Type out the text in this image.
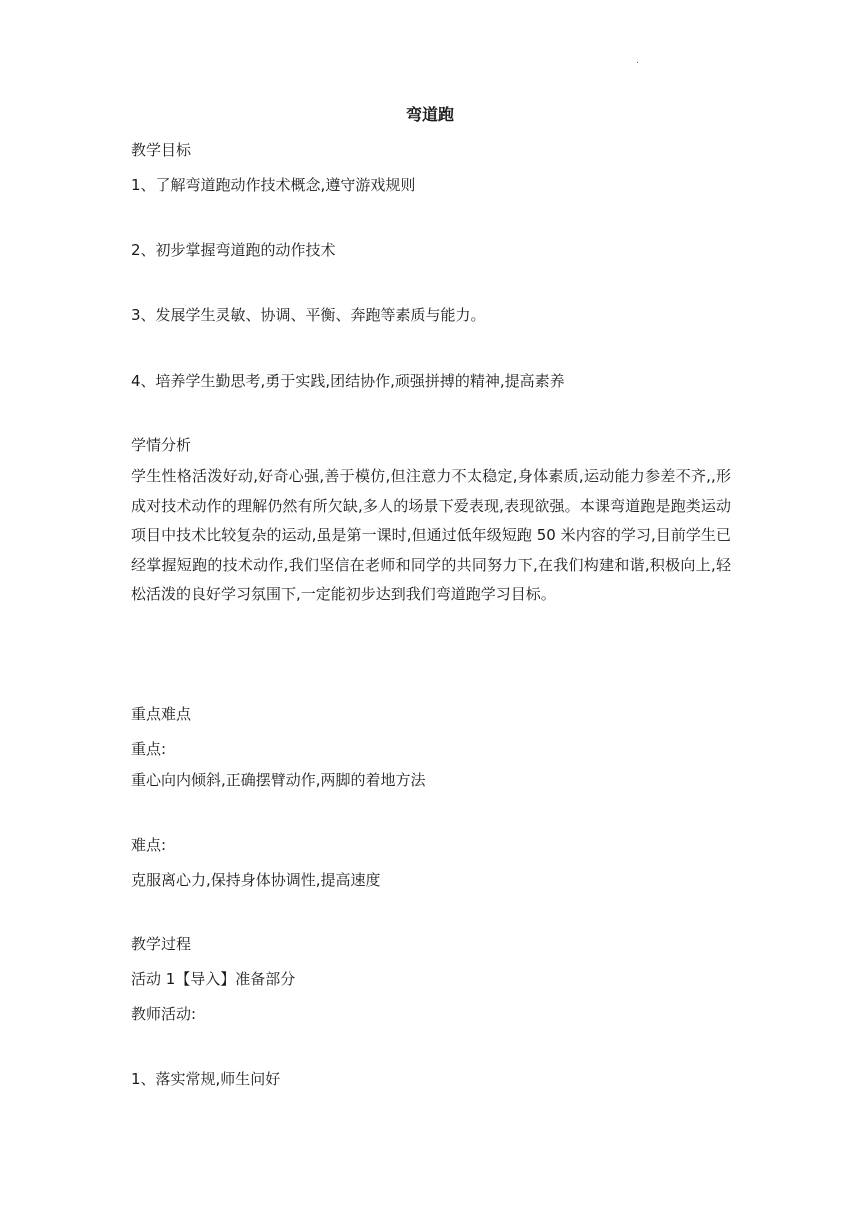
.
弯道跑
教学目标
1、了解弯道跑动作技术概念,遵守游戏规则
2、初步掌握弯道跑的动作技术
3、发展学生灵敏、协调、平衡、奔跑等素质与能力。
4、培养学生勤思考,勇于实践,团结协作,顽强拼搏的精神,提高素养
学情分析

学生性格活泼好动,好奇心强,善于模仿,但注意力不太稳定,身体素质,运动能力参差不齐,,形成对技术动作的理解仍然有所欠缺,多人的场景下爱表现,表现欲强。本课弯道跑是跑类运动项目中技术比较复杂的运动,虽是第一课时,但通过低年级短跑 50 米内容的学习,目前学生已经掌握短跑的技术动作,我们坚信在老师和同学的共同努力下,在我们构建和谐,积极向上,轻松活泼的良好学习氛围下,一定能初步达到我们弯道跑学习目标。

重点难点
重点:
重心向内倾斜,正确摆臂动作,两脚的着地方法
难点:
克服离心力,保持身体协调性,提高速度
教学过程
活动 1【导入】准备部分
教师活动:
1、落实常规,师生问好
